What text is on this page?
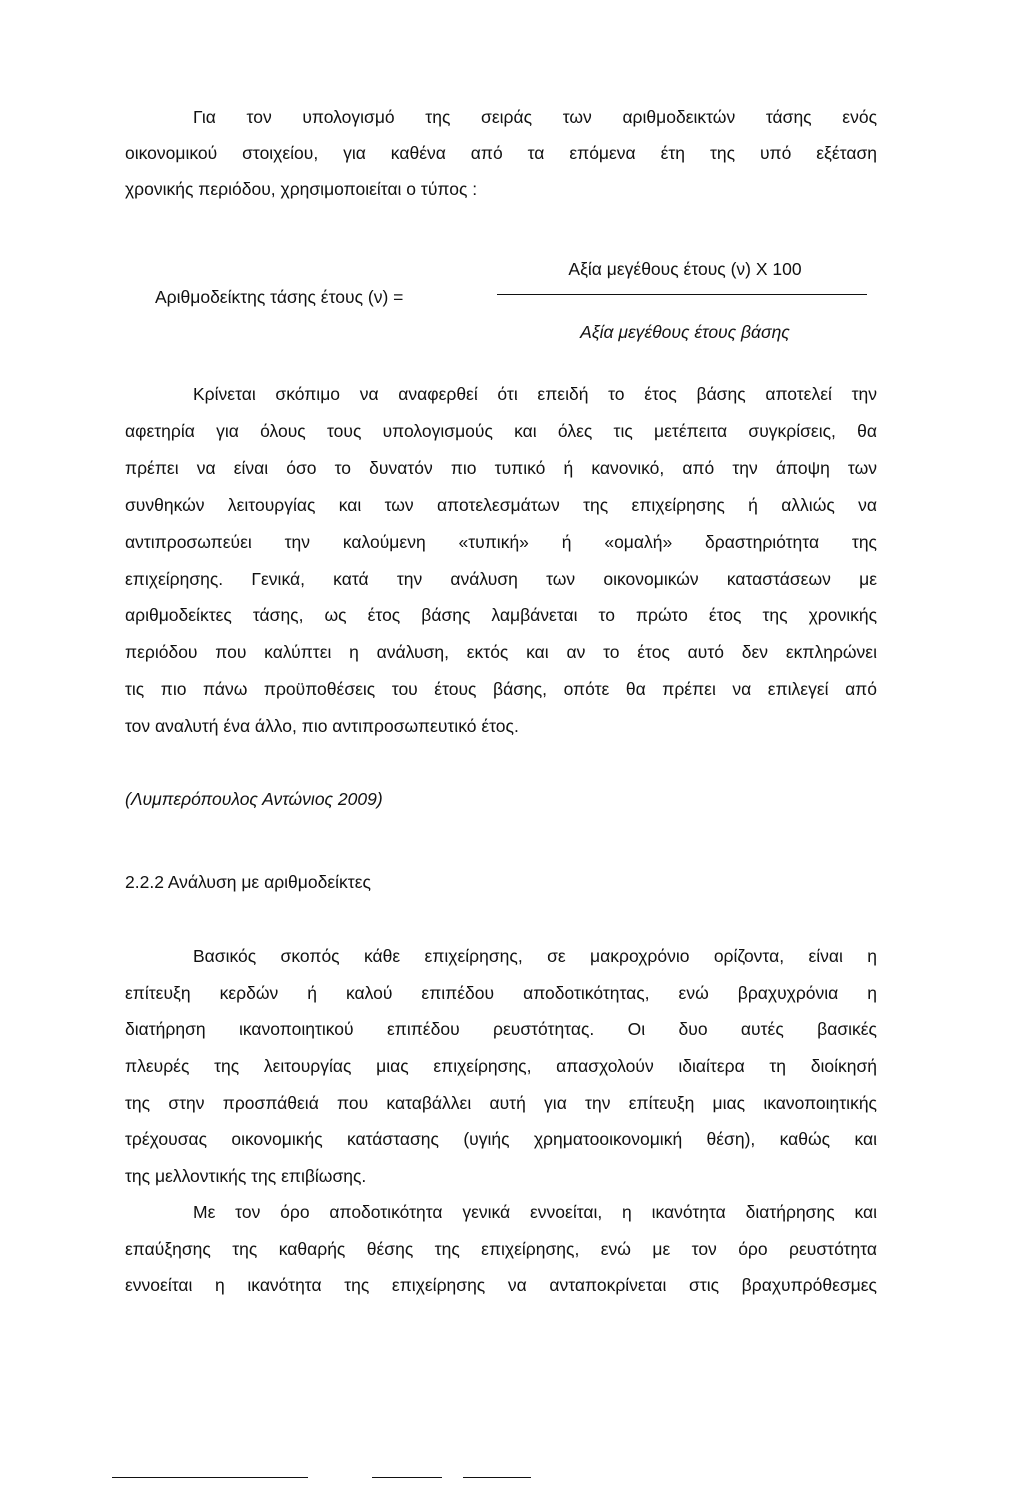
Για τον υπολογισμό της σειράς των αριθμοδεικτών τάσης ενός
οικονομικού στοιχείου, για καθένα από τα επόμενα έτη της υπό εξέταση
χρονικής περιόδου, χρησιμοποιείται ο τύπος :
Αξία μεγέθους έτους (ν) Χ 100
Αριθμοδείκτης τάσης έτους (ν) =
Αξία μεγέθους έτους βάσης
Κρίνεται σκόπιμο να αναφερθεί ότι επειδή το έτος βάσης αποτελεί την
αφετηρία για όλους τους υπολογισμούς και όλες τις μετέπειτα συγκρίσεις, θα
πρέπει να είναι όσο το δυνατόν πιο τυπικό ή κανονικό, από την άποψη των
συνθηκών λειτουργίας και των αποτελεσμάτων της επιχείρησης ή αλλιώς να
αντιπροσωπεύει την καλούμενη «τυπική» ή «ομαλή» δραστηριότητα της
επιχείρησης. Γενικά, κατά την ανάλυση των οικονομικών καταστάσεων με
αριθμοδείκτες τάσης, ως έτος βάσης λαμβάνεται το πρώτο έτος της χρονικής
περιόδου που καλύπτει η ανάλυση, εκτός και αν το έτος αυτό δεν εκπληρώνει
τις πιο πάνω προϋποθέσεις του έτους βάσης, οπότε θα πρέπει να επιλεγεί από
τον αναλυτή ένα άλλο, πιο αντιπροσωπευτικό έτος.
(Λυμπερόπουλος Αντώνιος 2009)
2.2.2 Ανάλυση με αριθμοδείκτες
Βασικός σκοπός κάθε επιχείρησης, σε μακροχρόνιο ορίζοντα, είναι η
επίτευξη κερδών ή καλού επιπέδου αποδοτικότητας, ενώ βραχυχρόνια η
διατήρηση ικανοποιητικού επιπέδου ρευστότητας. Οι δυο αυτές βασικές
πλευρές της λειτουργίας μιας επιχείρησης, απασχολούν ιδιαίτερα τη διοίκησή
της στην προσπάθειά που καταβάλλει αυτή για την επίτευξη μιας ικανοποιητικής
τρέχουσας οικονομικής κατάστασης (υγιής χρηματοοικονομική θέση), καθώς και
της μελλοντικής της επιβίωσης.
Με τον όρο αποδοτικότητα γενικά εννοείται, η ικανότητα διατήρησης και
επαύξησης της καθαρής θέσης της επιχείρησης, ενώ με τον όρο ρευστότητα
εννοείται η ικανότητα της επιχείρησης να ανταποκρίνεται στις βραχυπρόθεσμες
